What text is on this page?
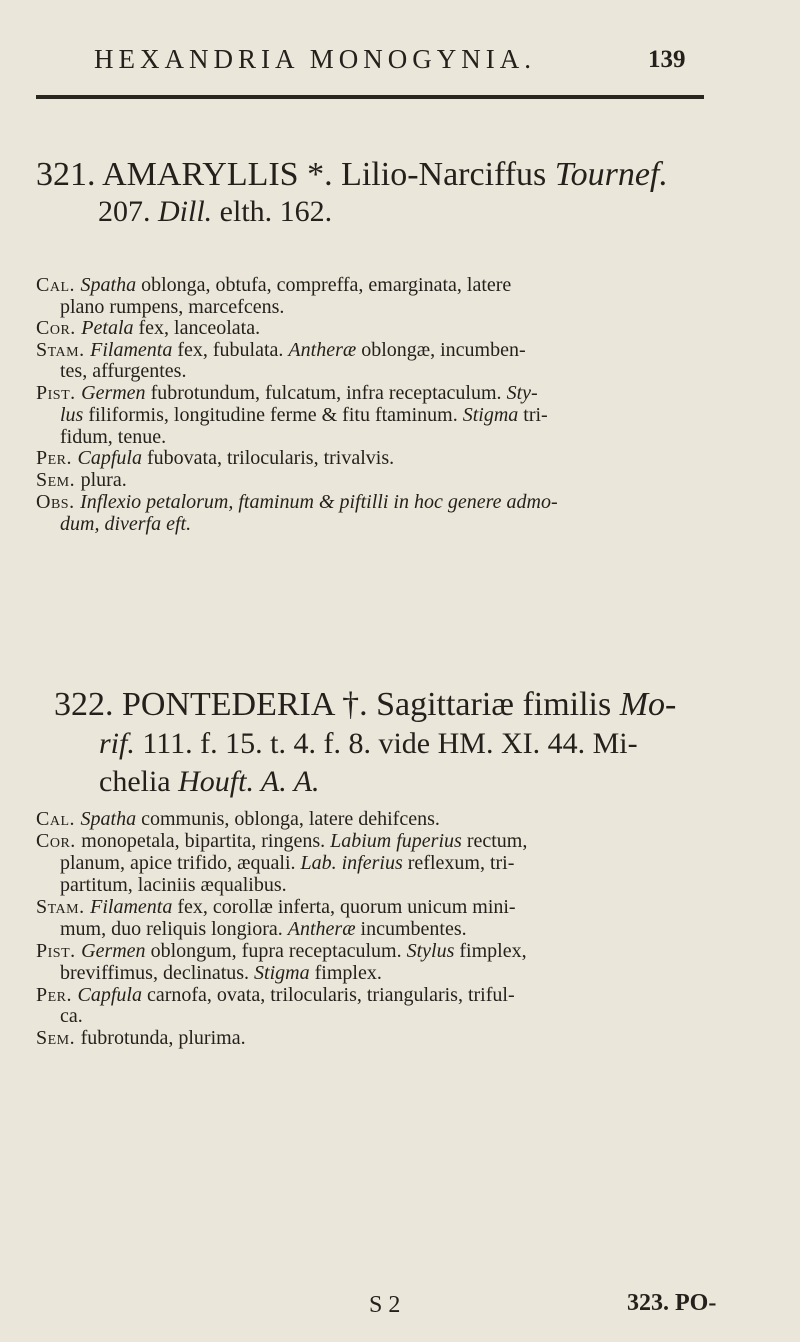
HEXANDRIA MONOGYNIA.	139
321. AMARYLLIS *. Lilio-Narciffus Tournef.
207. Dill. elth. 162.
Cal. Spatha oblonga, obtufa, compreffa, emarginata, latere
plano rumpens, marcefcens.
Cor. Petala fex, lanceolata.
Stam. Filamenta fex, fubulata. Antheræ oblongæ, incumben-
tes, affurgentes.
Pist. Germen fubrotundum, fulcatum, infra receptaculum. Sty-
lus filiformis, longitudine ferme & fitu ftaminum. Stigma tri-
fidum, tenue.
Per. Capfula fubovata, trilocularis, trivalvis.
Sem. plura.
Obs. Inflexio petalorum, ftaminum & piftilli in hoc genere admo-
dum, diverfa eft.
322. PONTEDERIA †. Sagittariæ fimilis Mo-
rif. 111. f. 15. t. 4. f. 8. vide HM. XI. 44. Mi-
chelia Houft. A. A.
Cal. Spatha communis, oblonga, latere dehifcens.
Cor. monopetala, bipartita, ringens. Labium fuperius rectum,
planum, apice trifido, æquali. Lab. inferius reflexum, tri-
partitum, laciniis æqualibus.
Stam. Filamenta fex, corollæ inferta, quorum unicum mini-
mum, duo reliquis longiora. Antheræ incumbentes.
Pist. Germen oblongum, fupra receptaculum. Stylus fimplex,
breviffimus, declinatus. Stigma fimplex.
Per. Capfula carnofa, ovata, trilocularis, triangularis, triful-
ca.
Sem. fubrotunda, plurima.
S 2	323. PO-
